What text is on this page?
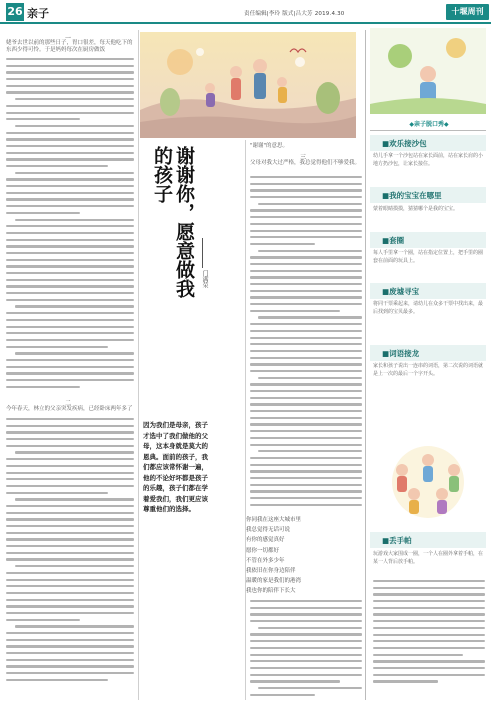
26 亲子	责任编辑|李玲 版式|吕大芳 2019.4.30	十堰周刊
一
姥爷去世以前的那些日子，胃口很差，每天他吃下的东西少得可怜。于是妈妈每次在厨房做饭
二
今年春天，林立的父亲突发疾病，已经卧床两年多了
谢谢你，愿意做我的孩子
门满荣
因为我们是母亲，孩子才选中了我们做他的父母，这本身就是莫大的恩典。面前的孩子，我们都应该常怀谢一遍，他的不论好坏都是孩子的乐趣，孩子们都在学着爱我们，我们更应该尊重他们的选择。
"谢谢"的意思。
三
父母对我大过严格，我总觉得他们不够爱我。
你同我在这座大城市里
我总觉得无话可说
有你的感觉真好
愿你一切都好
不管在外多少年
我依旧在你身边陪伴
温暖的家是我们的港湾
我也你的陪伴下长大
◆亲子脱口秀◆
■欢乐接沙包
幼儿手拿一个沙包站在家长面前，站在家长肩的小地方扔沙包，让家长接住。
■我的宝宝在哪里
蒙着眼睛摸摸，猜猜哪个是我的宝宝。
■套圈
每人手里拿一个圈，站在指定位置上，把手里的圈套在前面的玩具上。
■废墟寻宝
将同干票乘起来，请幼儿在众多干票中找出来，最后找到的宝贝最多。
■词语接龙
家长和孩子说出一连串的词语，第二次说的词语就是上一次的最后一个字开头。
■丢手帕
玩游戏大家围成一圈，一个人在圈外拿着手帕，在某一人背后放手帕。
